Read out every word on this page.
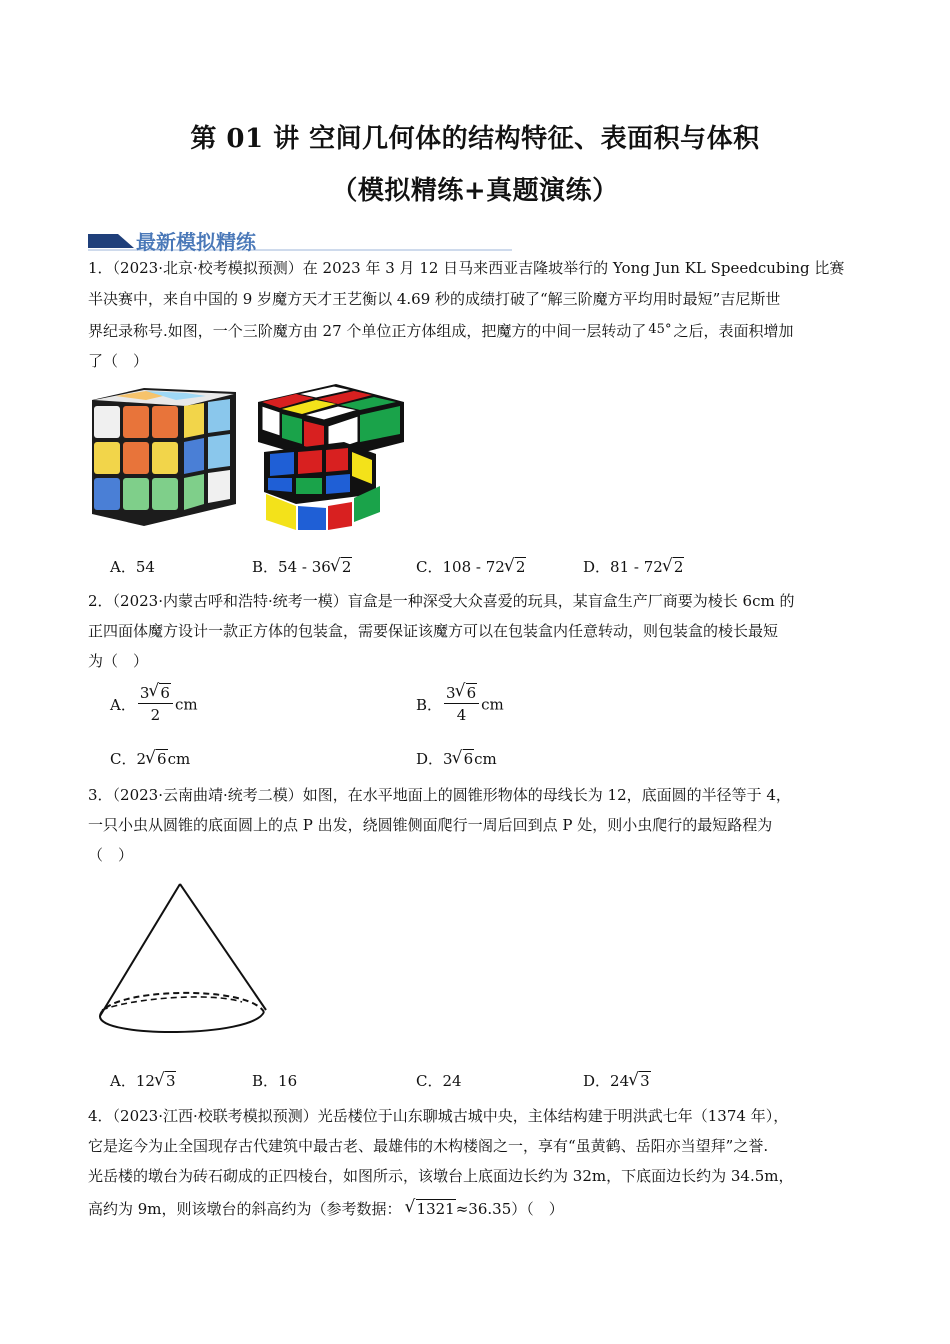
第 01 讲 空间几何体的结构特征、表面积与体积
（模拟精练+真题演练）
最新模拟精练
1．（2023·北京·校考模拟预测）在 2023 年 3 月 12 日马来西亚吉隆坡举行的 Yong Jun KL Speedcubing 比赛
半决赛中，来自中国的 9 岁魔方天才王艺衡以 4.69 秒的成绩打破了“解三阶魔方平均用时最短”吉尼斯世
界纪录称号.如图，一个三阶魔方由 27 个单位正方体组成，把魔方的中间一层转动了 45° 之后，表面积增加
了（　）
A．54	B．54 - 36 √ 2	C．108 - 72 √ 2	D．81 - 72 √ 2
2．（2023·内蒙古呼和浩特·统考一模）盲盒是一种深受大众喜爱的玩具，某盲盒生产厂商要为棱长 6cm 的
正四面体魔方设计一款正方体的包装盒，需要保证该魔方可以在包装盒内任意转动，则包装盒的棱长最短
为（　）
A． $\frac{3 √ 6}{2}$ cm	B． $\frac{3 √ 6}{4}$ cm
C．2 √ 6cm	D．3 √ 6cm
3．（2023·云南曲靖·统考二模）如图，在水平地面上的圆锥形物体的母线长为 12，底面圆的半径等于 4，
一只小虫从圆锥的底面圆上的点 P 出发，绕圆锥侧面爬行一周后回到点 P 处，则小虫爬行的最短路程为
（　）
A．12 √ 3	B．16	C．24	D．24 √ 3
4．（2023·江西·校联考模拟预测）光岳楼位于山东聊城古城中央，主体结构建于明洪武七年（1374 年），
它是迄今为止全国现存古代建筑中最古老、最雄伟的木构楼阁之一，享有“虽黄鹤、岳阳亦当望拜”之誉.
光岳楼的墩台为砖石砌成的正四棱台，如图所示，该墩台上底面边长约为 32m，下底面边长约为 34.5m，
高约为 9m，则该墩台的斜高约为（参考数据： √ 1321≈36.35）（　）
